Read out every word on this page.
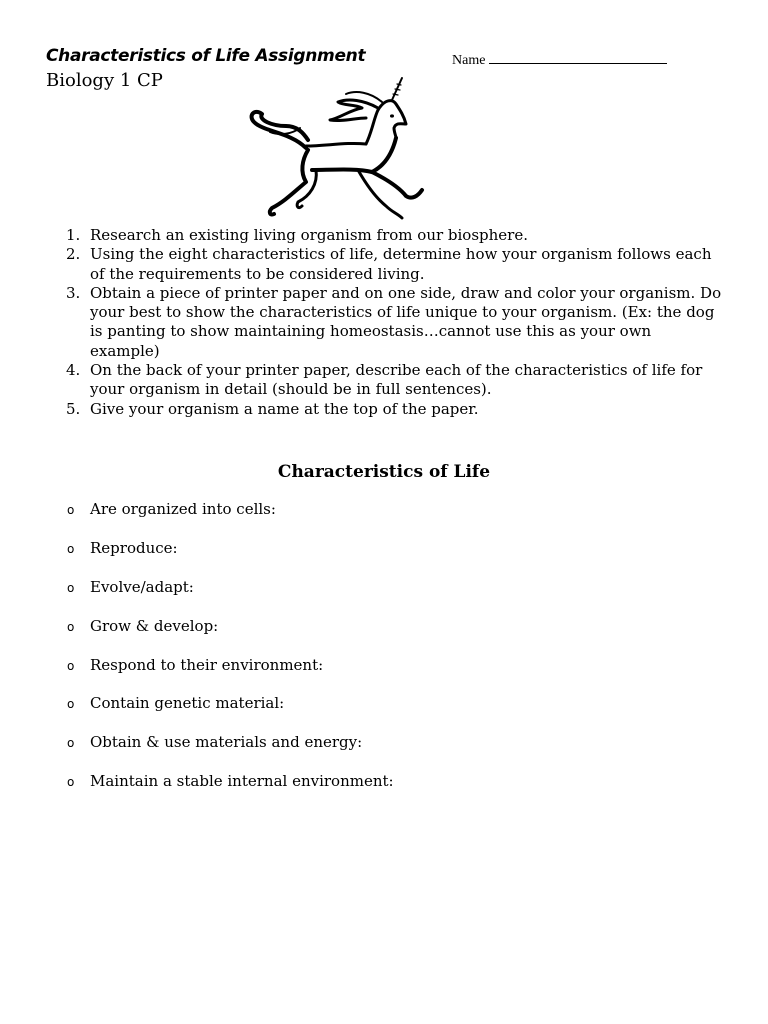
Characteristics of Life Assignment
Biology 1 CP
Name
1. Research an existing living organism from our biosphere.
2. Using the eight characteristics of life, determine how your organism follows each of the requirements to be considered living.
3. Obtain a piece of printer paper and on one side, draw and color your organism. Do your best to show the characteristics of life unique to your organism. (Ex: the dog is panting to show maintaining homeostasis…cannot use this as your own example)
4. On the back of your printer paper, describe each of the characteristics of life for your organism in detail (should be in full sentences).
5. Give your organism a name at the top of the paper.
Characteristics of Life
o Are organized into cells:
o Reproduce:
o Evolve/adapt:
o Grow & develop:
o Respond to their environment:
o Contain genetic material:
o Obtain & use materials and energy:
o Maintain a stable internal environment:
